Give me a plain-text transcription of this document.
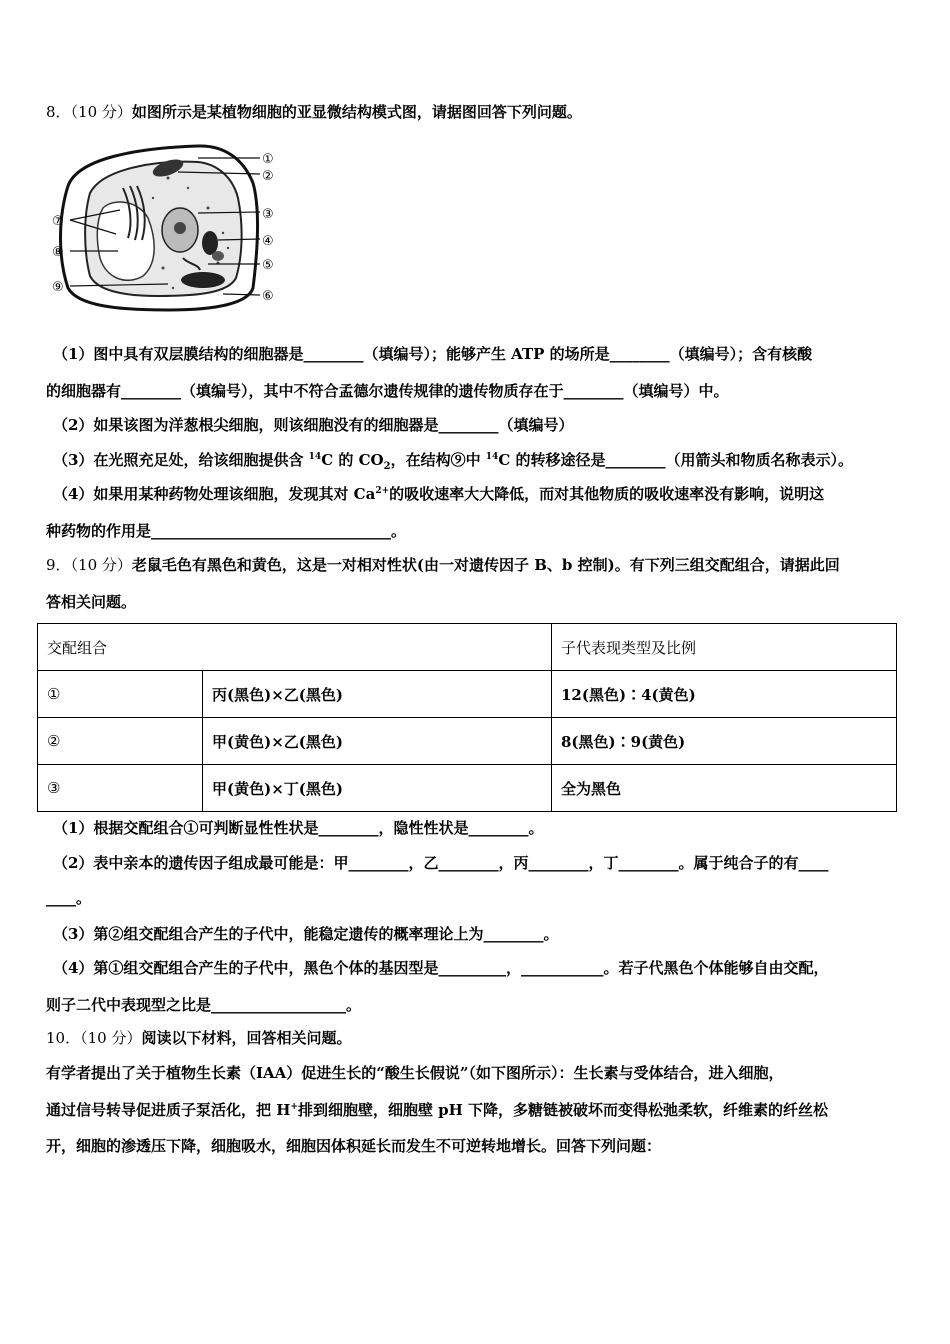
8．（10 分）如图所示是某植物细胞的亚显微结构模式图，请据图回答下列问题。
①
②
③
④
⑤
⑥
⑦
⑧
⑨
（1）图中具有双层膜结构的细胞器是________（填编号）；能够产生 ATP 的场所是________（填编号）；含有核酸
的细胞器有________（填编号），其中不符合孟德尔遗传规律的遗传物质存在于________（填编号）中。
（2）如果该图为洋葱根尖细胞，则该细胞没有的细胞器是________（填编号）
（3）在光照充足处，给该细胞提供含 $^{14}$C 的 $CO_2$，在结构⑨中 $^{14}$C 的转移途径是________（用箭头和物质名称表示）。
（4）如果用某种药物处理该细胞，发现其对 $Ca^{2+}$的吸收速率大大降低，而对其他物质的吸收速率没有影响，说明这
种药物的作用是________________________________。
9．（10 分）老鼠毛色有黑色和黄色，这是一对相对性状(由一对遗传因子 B、b 控制)。有下列三组交配组合，请据此回
答相关问题。
交配组合		子代表现类型及比例
①	丙(黑色)×乙(黑色)	12(黑色)∶4(黄色)
②	甲(黄色)×乙(黑色)	8(黑色)∶9(黄色)
③	甲(黄色)×丁(黑色)	全为黑色
（1）根据交配组合①可判断显性性状是________，隐性性状是________。
（2）表中亲本的遗传因子组成最可能是：甲________，乙________，丙________，丁________。属于纯合子的有____
____。
（3）第②组交配组合产生的子代中，能稳定遗传的概率理论上为________。
（4）第①组交配组合产生的子代中，黑色个体的基因型是_________，___________。若子代黑色个体能够自由交配，
则子二代中表现型之比是__________________。
10．（10 分）阅读以下材料，回答相关问题。
有学者提出了关于植物生长素（IAA）促进生长的“酸生长假说”（如下图所示）：生长素与受体结合，进入细胞，
通过信号转导促进质子泵活化，把 H+排到细胞壁，细胞壁 pH 下降，多糖链被破坏而变得松弛柔软，纤维素的纤丝松
开，细胞的渗透压下降，细胞吸水，细胞因体积延长而发生不可逆转地增长。回答下列问题：
